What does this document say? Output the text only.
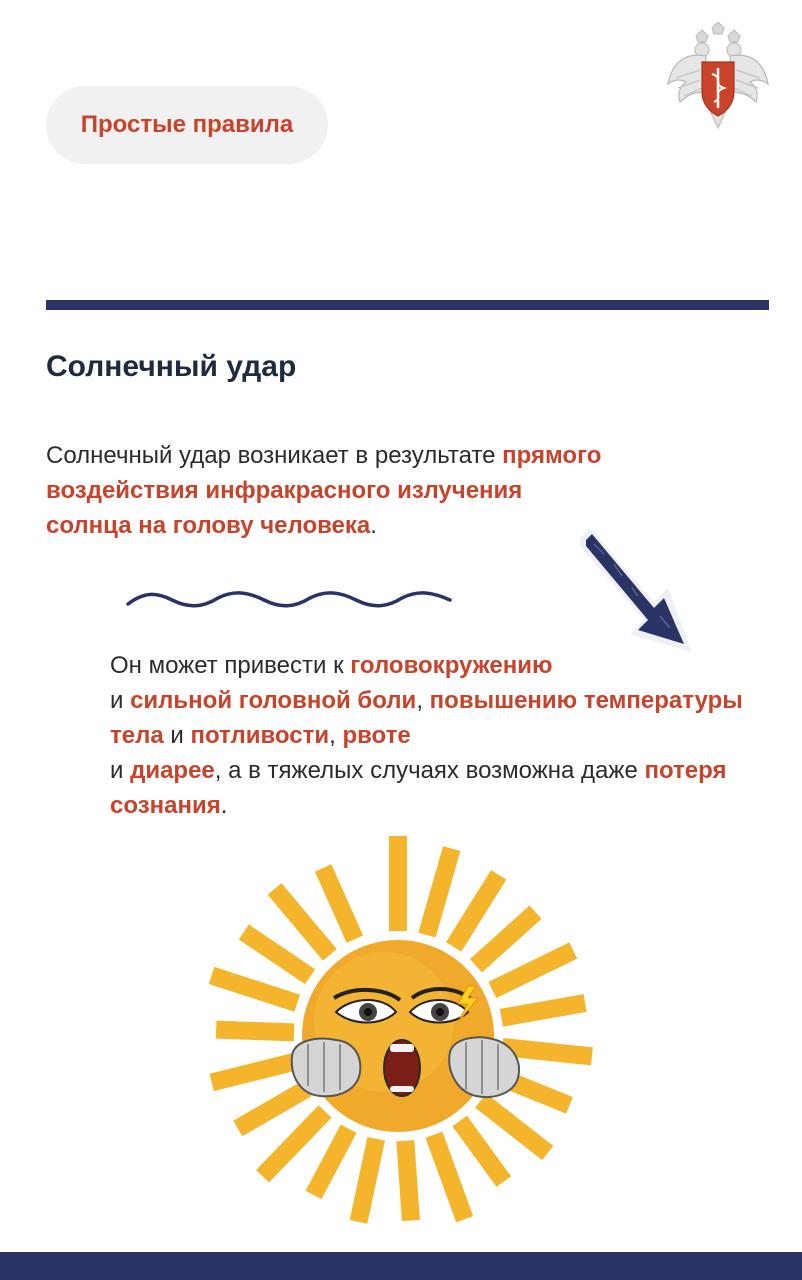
Простые правила
Солнечный удар

Солнечный удар возникает в результате прямого воздействия инфракрасного излучения солнца на голову человека.

Он может привести к головокружению
и сильной головной боли, повышению температуры тела и потливости, рвоте
и диарее, а в тяжелых случаях возможна даже потеря сознания.
